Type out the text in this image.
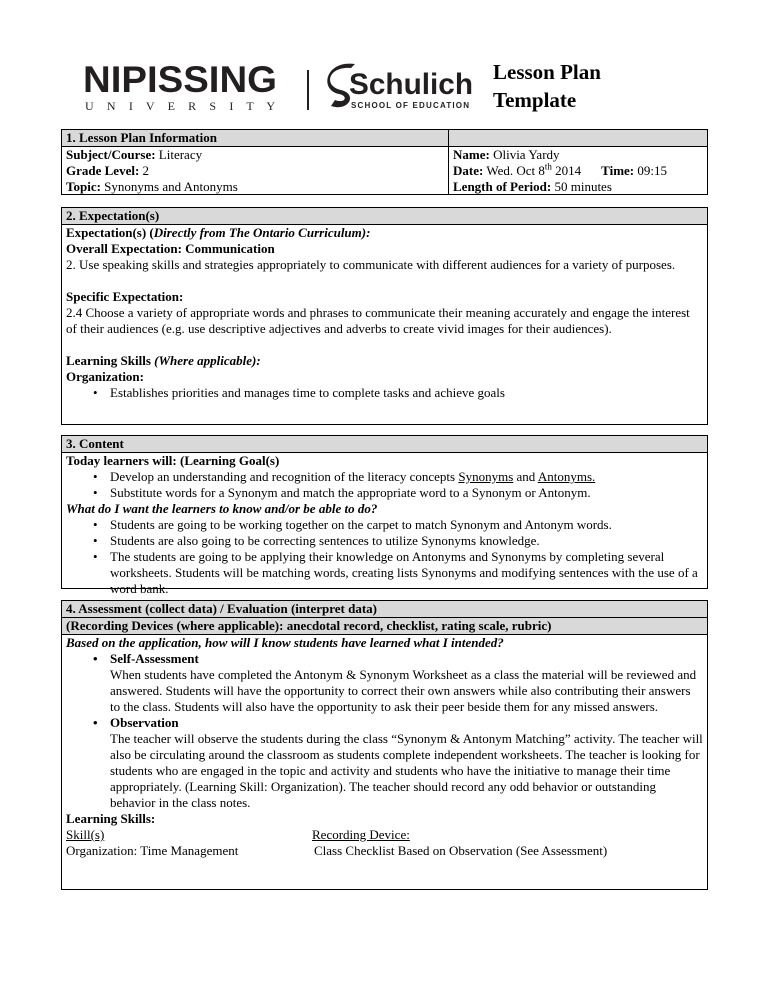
NIPISSING
U N I V E R S I T Y
Schulich
SCHOOL OF EDUCATION
Lesson Plan
Template
1. Lesson Plan Information
Subject/Course: Literacy
Grade Level: 2
Topic: Synonyms and Antonyms
Name: Olivia Yardy
Date: Wed. Oct 8th 2014 Time: 09:15
Length of Period: 50 minutes
2. Expectation(s)
Expectation(s) (Directly from The Ontario Curriculum):
Overall Expectation: Communication
2. Use speaking skills and strategies appropriately to communicate with different audiences for a variety of purposes.
Specific Expectation:
2.4 Choose a variety of appropriate words and phrases to communicate their meaning accurately and engage the interest of their audiences (e.g. use descriptive adjectives and adverbs to create vivid images for their audiences).
Learning Skills (Where applicable):
Organization:
• Establishes priorities and manages time to complete tasks and achieve goals
3. Content
Today learners will: (Learning Goal(s)
• Develop an understanding and recognition of the literacy concepts Synonyms and Antonyms.
• Substitute words for a Synonym and match the appropriate word to a Synonym or Antonym.
What do I want the learners to know and/or be able to do?
• Students are going to be working together on the carpet to match Synonym and Antonym words.
• Students are also going to be correcting sentences to utilize Synonyms knowledge.
• The students are going to be applying their knowledge on Antonyms and Synonyms by completing several worksheets. Students will be matching words, creating lists Synonyms and modifying sentences with the use of a word bank.
4. Assessment (collect data) / Evaluation (interpret data)
(Recording Devices (where applicable): anecdotal record, checklist, rating scale, rubric)
Based on the application, how will I know students have learned what I intended?
• Self-Assessment
When students have completed the Antonym & Synonym Worksheet as a class the material will be reviewed and answered. Students will have the opportunity to correct their own answers while also contributing their answers to the class. Students will also have the opportunity to ask their peer beside them for any missed answers.
• Observation
The teacher will observe the students during the class “Synonym & Antonym Matching” activity. The teacher will also be circulating around the classroom as students complete independent worksheets. The teacher is looking for students who are engaged in the topic and activity and students who have the initiative to manage their time appropriately. (Learning Skill: Organization). The teacher should record any odd behavior or outstanding behavior in the class notes.
Learning Skills:
Skill(s)	Recording Device:
Organization: Time Management	Class Checklist Based on Observation (See Assessment)
